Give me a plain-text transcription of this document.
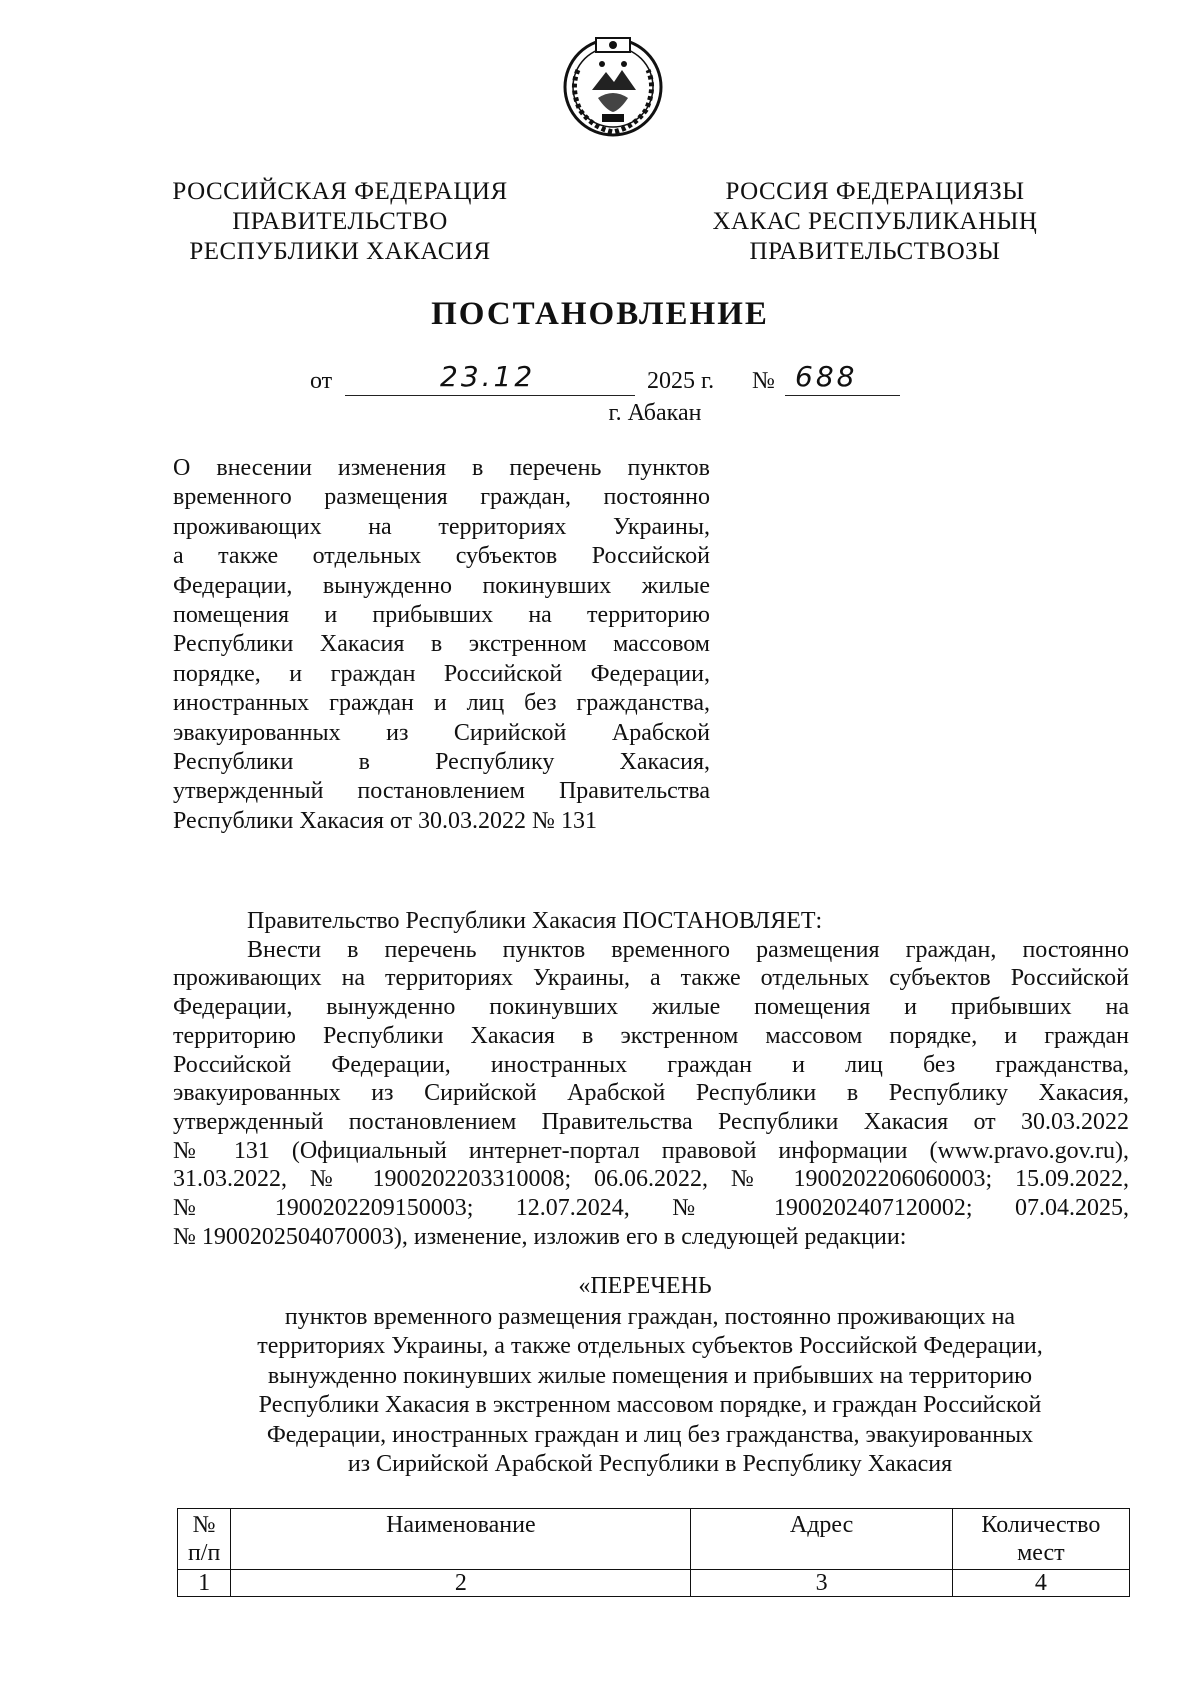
РОССИЙСКАЯ ФЕДЕРАЦИЯ
ПРАВИТЕЛЬСТВО
РЕСПУБЛИКИ ХАКАСИЯ
РОССИЯ ФЕДЕРАЦИЯЗЫ
ХАКАС РЕСПУБЛИКАНЫҢ
ПРАВИТЕЛЬСТВОЗЫ
ПОСТАНОВЛЕНИЕ
от	23.12	2025 г. № 688
г. Абакан
О внесении изменения в перечень пунктов
временного размещения граждан, постоянно
проживающих на территориях Украины,
а также отдельных субъектов Российской
Федерации, вынужденно покинувших жилые
помещения и прибывших на территорию
Республики Хакасия в экстренном массовом
порядке, и граждан Российской Федерации,
иностранных граждан и лиц без гражданства,
эвакуированных из Сирийской Арабской
Республики в Республику Хакасия,
утвержденный постановлением Правительства
Республики Хакасия от 30.03.2022 № 131
Правительство Республики Хакасия ПОСТАНОВЛЯЕТ:
Внести в перечень пунктов временного размещения граждан, постоянно
проживающих на территориях Украины, а также отдельных субъектов Российской
Федерации, вынужденно покинувших жилые помещения и прибывших на
территорию Республики Хакасия в экстренном массовом порядке, и граждан
Российской Федерации, иностранных граждан и лиц без гражданства,
эвакуированных из Сирийской Арабской Республики в Республику Хакасия,
утвержденный постановлением Правительства Республики Хакасия от 30.03.2022
№ 131 (Официальный интернет-портал правовой информации (www.pravo.gov.ru),
31.03.2022, № 1900202203310008; 06.06.2022, № 1900202206060003; 15.09.2022,
№ 1900202209150003; 12.07.2024, № 1900202407120002; 07.04.2025,
№ 1900202504070003), изменение, изложив его в следующей редакции:
«ПЕРЕЧЕНЬ
пунктов временного размещения граждан, постоянно проживающих на
территориях Украины, а также отдельных субъектов Российской Федерации,
вынужденно покинувших жилые помещения и прибывших на территорию
Республики Хакасия в экстренном массовом порядке, и граждан Российской
Федерации, иностранных граждан и лиц без гражданства, эвакуированных
из Сирийской Арабской Республики в Республику Хакасия
№ п/п	Наименование	Адрес	Количество мест
1	2	3	4
